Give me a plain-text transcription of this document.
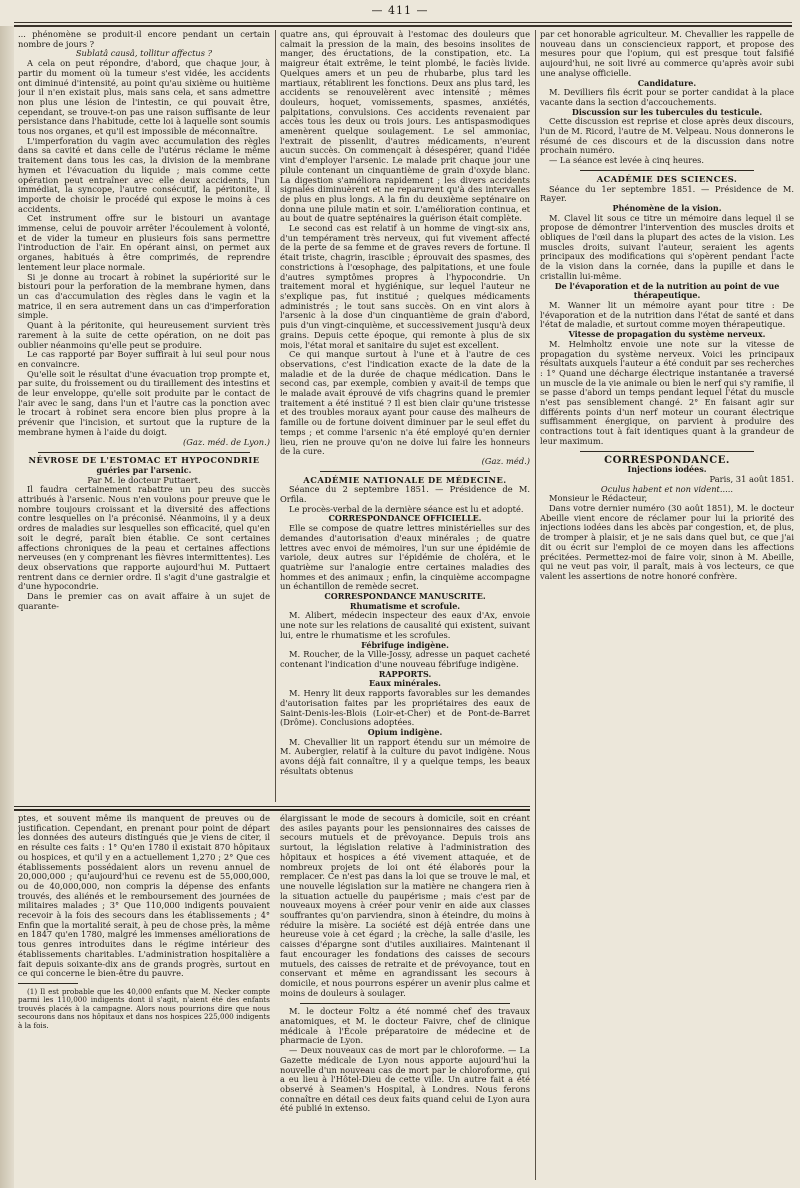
— 411 —

... phénomène se produit-il encore pendant un certain nombre de jours ?

Sublatâ causâ, tollitur affectus ?

A cela on peut répondre, d'abord, que chaque jour, à partir du moment où la tumeur s'est vidée, les accidents ont diminué d'intensité, au point qu'au sixième ou huitième jour il n'en existait plus, mais sans cela, et sans admettre non plus une lésion de l'intestin, ce qui pouvait être, cependant, se trouve-t-on pas une raison suffisante de leur persistance dans l'habitude, cette loi à laquelle sont soumis tous nos organes, et qu'il est impossible de méconnaître.

L'imperforation du vagin avec accumulation des règles dans sa cavité et dans celle de l'utérus réclame le même traitement dans tous les cas, la division de la membrane hymen et l'évacuation du liquide ; mais comme cette opération peut entraîner avec elle deux accidents, l'un immédiat, la syncope, l'autre consécutif, la péritonite, il importe de choisir le procédé qui expose le moins à ces accidents.

Cet instrument offre sur le bistouri un avantage immense, celui de pouvoir arrêter l'écoulement à volonté, et de vider la tumeur en plusieurs fois sans permettre l'introduction de l'air. En opérant ainsi, on permet aux organes, habitués à être comprimés, de reprendre lentement leur place normale.

Si je donne au trocart à robinet la supériorité sur le bistouri pour la perforation de la membrane hymen, dans un cas d'accumulation des règles dans le vagin et la matrice, il en sera autrement dans un cas d'imperforation simple.

Quant à la péritonite, qui heureusement survient très rarement à la suite de cette opération, on ne doit pas oublier néanmoins qu'elle peut se produire.

Le cas rapporté par Boyer suffirait à lui seul pour nous en convaincre.

Qu'elle soit le résultat d'une évacuation trop prompte et, par suite, du froissement ou du tiraillement des intestins et de leur enveloppe, qu'elle soit produite par le contact de l'air avec le sang, dans l'un et l'autre cas la ponction avec le trocart à robinet sera encore bien plus propre à la prévenir que l'incision, et surtout que la rupture de la membrane hymen à l'aide du doigt.

(Gaz. méd. de Lyon.)

NÉVROSE DE L'ESTOMAC ET HYPOCONDRIE

guéries par l'arsenic.

Par M. le docteur Puttaert.

Il faudra certainement rabattre un peu des succès attribués à l'arsenic. Nous n'en voulons pour preuve que le nombre toujours croissant et la diversité des affections contre lesquelles on l'a préconisé. Néanmoins, il y a deux ordres de maladies sur lesquelles son efficacité, quel qu'en soit le degré, paraît bien établie. Ce sont certaines affections chroniques de la peau et certaines affections nerveuses (en y comprenant les fièvres intermittentes). Les deux observations que rapporte aujourd'hui M. Puttaert rentrent dans ce dernier ordre. Il s'agit d'une gastralgie et d'une hypocondrie.

Dans le premier cas on avait affaire à un sujet de quarante-

quatre ans, qui éprouvait à l'estomac des douleurs que calmait la pression de la main, des besoins insolites de manger, des éructations, de la constipation, etc. La maigreur était extrême, le teint plombé, le faciès livide. Quelques amers et un peu de rhubarbe, plus tard les martiaux, rétablirent les fonctions. Deux ans plus tard, les accidents se renouvelèrent avec intensité ; mêmes douleurs, hoquet, vomissements, spasmes, anxiétés, palpitations, convulsions. Ces accidents revenaient par accès tous les deux ou trois jours. Les antispasmodiques amenèrent quelque soulagement. Le sel ammoniac, l'extrait de pissenlit, d'autres médicaments, n'eurent aucun succès. On commençait à désespérer, quand l'idée vint d'employer l'arsenic. Le malade prit chaque jour une pilule contenant un cinquantième de grain d'oxyde blanc. La digestion s'améliora rapidement ; les divers accidents signalés diminuèrent et ne reparurent qu'à des intervalles de plus en plus longs. A la fin du deuxième septénaire on donna une pilule matin et soir. L'amélioration continua, et au bout de quatre septénaires la guérison était complète.

Le second cas est relatif à un homme de vingt-six ans, d'un tempérament très nerveux, qui fut vivement affecté de la perte de sa femme et de graves revers de fortune. Il était triste, chagrin, irascible ; éprouvait des spasmes, des constrictions à l'œsophage, des palpitations, et une foule d'autres symptômes propres à l'hypocondrie. Un traitement moral et hygiénique, sur lequel l'auteur ne s'explique pas, fut institué ; quelques médicaments administrés ; le tout sans succès. On en vint alors à l'arsenic à la dose d'un cinquantième de grain d'abord, puis d'un vingt-cinquième, et successivement jusqu'à deux grains. Depuis cette époque, qui remonte à plus de six mois, l'état moral et sanitaire du sujet est excellent.

Ce qui manque surtout à l'une et à l'autre de ces observations, c'est l'indication exacte de la date de la maladie et de la durée de chaque médication. Dans le second cas, par exemple, combien y avait-il de temps que le malade avait éprouvé de vifs chagrins quand le premier traitement a été institué ? Il est bien clair qu'une tristesse et des troubles moraux ayant pour cause des malheurs de famille ou de fortune doivent diminuer par le seul effet du temps ; et comme l'arsenic n'a été employé qu'en dernier lieu, rien ne prouve qu'on ne doive lui faire les honneurs de la cure.

(Gaz. méd.)

ACADÉMIE NATIONALE DE MÉDECINE.

Séance du 2 septembre 1851. — Présidence de M. Orfila.

Le procès-verbal de la dernière séance est lu et adopté.

CORRESPONDANCE OFFICIELLE.

Elle se compose de quatre lettres ministérielles sur des demandes d'autorisation d'eaux minérales ; de quatre lettres avec envoi de mémoires, l'un sur une épidémie de variole, deux autres sur l'épidémie de choléra, et le quatrième sur l'analogie entre certaines maladies des hommes et des animaux ; enfin, la cinquième accompagne un échantillon de remède secret.

CORRESPONDANCE MANUSCRITE.

Rhumatisme et scrofule.

M. Alibert, médecin inspecteur des eaux d'Ax, envoie une note sur les relations de causalité qui existent, suivant lui, entre le rhumatisme et les scrofules.

Fébrifuge indigène.

M. Roucher, de la Ville-Jossy, adresse un paquet cacheté contenant l'indication d'une nouveau fébrifuge indigène.

RAPPORTS.

Eaux minérales.

M. Henry lit deux rapports favorables sur les demandes d'autorisation faites par les propriétaires des eaux de Saint-Denis-les-Blois (Loir-et-Cher) et de Pont-de-Barret (Drôme). Conclusions adoptées.

Opium indigène.

M. Chevallier lit un rapport étendu sur un mémoire de M. Aubergier, relatif à la culture du pavot indigène. Nous avons déjà fait connaître, il y a quelque temps, les beaux résultats obtenus

par cet honorable agriculteur. M. Chevallier les rappelle de nouveau dans un consciencieux rapport, et propose des mesures pour que l'opium, qui est presque tout falsifié aujourd'hui, ne soit livré au commerce qu'après avoir subi une analyse officielle.

Candidature.

M. Devilliers fils écrit pour se porter candidat à la place vacante dans la section d'accouchements.

Discussion sur les tubercules du testicule.

Cette discussion est reprise et close après deux discours, l'un de M. Ricord, l'autre de M. Velpeau. Nous donnerons le résumé de ces discours et de la discussion dans notre prochain numéro.

— La séance est levée à cinq heures.

ACADÉMIE DES SCIENCES.

Séance du 1er septembre 1851. — Présidence de M. Rayer.

Phénomène de la vision.

M. Clavel lit sous ce titre un mémoire dans lequel il se propose de démontrer l'intervention des muscles droits et obliques de l'œil dans la plupart des actes de la vision. Les muscles droits, suivant l'auteur, seraient les agents principaux des modifications qui s'opèrent pendant l'acte de la vision dans la cornée, dans la pupille et dans le cristallin lui-même.

De l'évaporation et de la nutrition au point de vue thérapeutique.

M. Wanner lit un mémoire ayant pour titre : De l'évaporation et de la nutrition dans l'état de santé et dans l'état de maladie, et surtout comme moyen thérapeutique.

Vitesse de propagation du système nerveux.

M. Helmholtz envoie une note sur la vitesse de propagation du système nerveux. Voici les principaux résultats auxquels l'auteur a été conduit par ses recherches : 1° Quand une décharge électrique instantanée a traversé un muscle de la vie animale ou bien le nerf qui s'y ramifie, il se passe d'abord un temps pendant lequel l'état du muscle n'est pas sensiblement changé. 2° En faisant agir sur différents points d'un nerf moteur un courant électrique suffisamment énergique, on parvient à produire des contractions tout à fait identiques quant à la grandeur de leur maximum.

CORRESPONDANCE.

Injections iodées.

Paris, 31 août 1851.

Oculus habent et non vident.....

Monsieur le Rédacteur,

Dans votre dernier numéro (30 août 1851), M. le docteur Abeille vient encore de réclamer pour lui la priorité des injections iodées dans les abcès par congestion, et, de plus, de tromper à plaisir, et je ne sais dans quel but, ce que j'ai dit ou écrit sur l'emploi de ce moyen dans les affections précitées. Permettez-moi de faire voir, sinon à M. Abeille, qui ne veut pas voir, il paraît, mais à vos lecteurs, ce que valent les assertions de notre honoré confrère.

ptes, et souvent même ils manquent de preuves ou de justification. Cependant, en prenant pour point de départ les données des auteurs distingués que je viens de citer, il en résulte ces faits : 1° Qu'en 1780 il existait 870 hôpitaux ou hospices, et qu'il y en a actuellement 1,270 ; 2° Que ces établissements possédaient alors un revenu annuel de 20,000,000 ; qu'aujourd'hui ce revenu est de 55,000,000, ou de 40,000,000, non compris la dépense des enfants trouvés, des aliénés et le remboursement des journées de militaires malades ; 3° Que 110,000 indigents pouvaient recevoir à la fois des secours dans les établissements ; 4° Enfin que la mortalité serait, à peu de chose près, la même en 1847 qu'en 1780, malgré les immenses améliorations de tous genres introduites dans le régime intérieur des établissements charitables. L'administration hospitalière a fait depuis soixante-dix ans de grands progrès, surtout en ce qui concerne le bien-être du pauvre.

(1) Il est probable que les 40,000 enfants que M. Necker compte parmi les 110,000 indigents dont il s'agit, n'aient été des enfants trouvés placés à la campagne. Alors nous pourrions dire que nous secourons dans nos hôpitaux et dans nos hospices 225,000 indigents à la fois.

élargissant le mode de secours à domicile, soit en créant des asiles payants pour les pensionnaires des caisses de secours mutuels et de prévoyance. Depuis trois ans surtout, la législation relative à l'administration des hôpitaux et hospices a été vivement attaquée, et de nombreux projets de loi ont été élaborés pour la remplacer. Ce n'est pas dans la loi que se trouve le mal, et une nouvelle législation sur la matière ne changera rien à la situation actuelle du paupérisme ; mais c'est par de nouveaux moyens à créer pour venir en aide aux classes souffrantes qu'on parviendra, sinon à éteindre, du moins à réduire la misère. La société est déjà entrée dans une heureuse voie à cet égard ; la crèche, la salle d'asile, les caisses d'épargne sont d'utiles auxiliaires. Maintenant il faut encourager les fondations des caisses de secours mutuels, des caisses de retraite et de prévoyance, tout en conservant et même en agrandissant les secours à domicile, et nous pourrons espérer un avenir plus calme et moins de douleurs à soulager.

M. le docteur Foltz a été nommé chef des travaux anatomiques, et M. le docteur Faivre, chef de clinique médicale à l'École préparatoire de médecine et de pharmacie de Lyon.

— Deux nouveaux cas de mort par le chloroforme. — La Gazette médicale de Lyon nous apporte aujourd'hui la nouvelle d'un nouveau cas de mort par le chloroforme, qui a eu lieu à l'Hôtel-Dieu de cette ville. Un autre fait a été observé à Seamen's Hospital, à Londres. Nous ferons connaître en détail ces deux faits quand celui de Lyon aura été publié in extenso.
